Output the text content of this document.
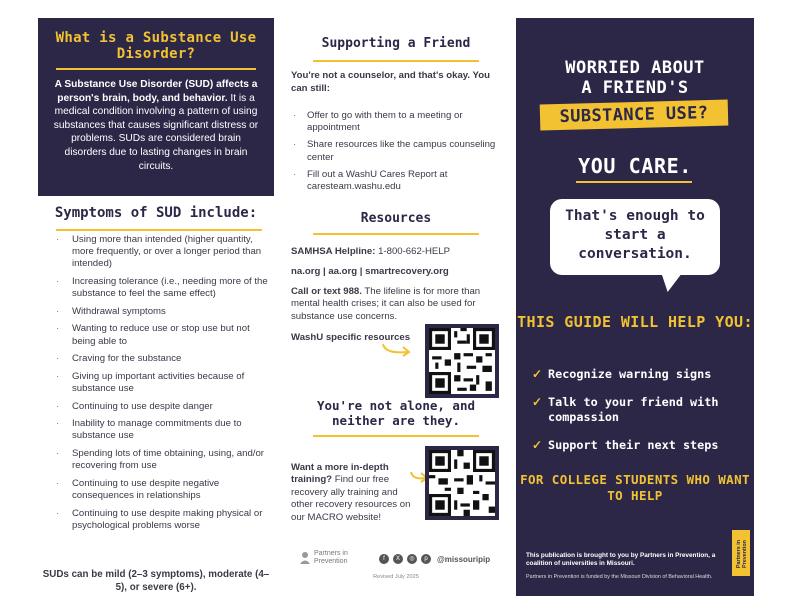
What is a Substance Use Disorder?
A Substance Use Disorder (SUD) affects a person's brain, body, and behavior. It is a medical condition involving a pattern of using substances that causes significant distress or problems. SUDs are considered brain disorders due to lasting changes in brain circuits.
Symptoms of SUD include:
· Using more than intended (higher quantity, more frequently, or over a longer period than intended)
· Increasing tolerance (i.e., needing more of the substance to feel the same effect)
· Withdrawal symptoms
· Wanting to reduce use or stop use but not being able to
· Craving for the substance
· Giving up important activities because of substance use
· Continuing to use despite danger
· Inability to manage commitments due to substance use
· Spending lots of time obtaining, using, and/or recovering from use
· Continuing to use despite negative consequences in relationships
· Continuing to use despite making physical or psychological problems worse
SUDs can be mild (2–3 symptoms), moderate (4–5), or severe (6+).
Supporting a Friend
You're not a counselor, and that's okay. You can still:
· Offer to go with them to a meeting or appointment
· Share resources like the campus counseling center
· Fill out a WashU Cares Report at caresteam.washu.edu
Resources
SAMHSA Helpline: 1-800-662-HELP
na.org | aa.org | smartrecovery.org
Call or text 988. The lifeline is for more than mental health crises; it can also be used for substance use concerns.
WashU specific resources
You're not alone, and neither are they.
Want a more in-depth training? Find our free recovery ally training and other recovery resources on our MACRO website!
Partners in Prevention	f	X	◎	p	@missouripip
Revised July 2025
WORRIED ABOUT
A FRIEND'S
SUBSTANCE USE?
YOU CARE.
That's enough to start a conversation.
THIS GUIDE WILL HELP YOU:
✓ Recognize warning signs
✓ Talk to your friend with compassion
✓ Support their next steps
FOR COLLEGE STUDENTS WHO WANT TO HELP
This publication is brought to you by Partners in Prevention, a coalition of universities in Missouri.
Partners in Prevention is funded by the Missouri Division of Behavioral Health.
Partners in Prevention
